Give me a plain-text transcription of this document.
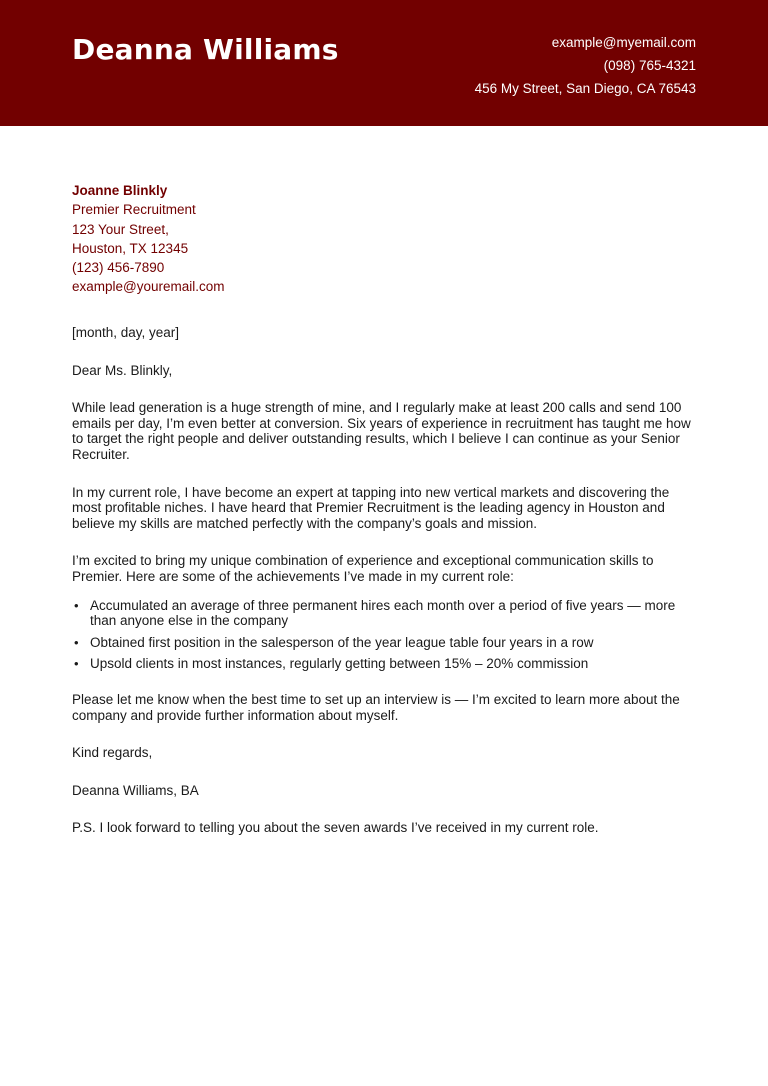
Deanna Williams	example@myemail.com
(098) 765-4321
456 My Street, San Diego, CA 76543
Joanne Blinkly
Premier Recruitment
123 Your Street,
Houston, TX 12345
(123) 456-7890
example@youremail.com

[month, day, year]

Dear Ms. Blinkly,

While lead generation is a huge strength of mine, and I regularly make at least 200 calls and send 100 emails per day, I’m even better at conversion. Six years of experience in recruitment has taught me how to target the right people and deliver outstanding results, which I believe I can continue as your Senior Recruiter.

In my current role, I have become an expert at tapping into new vertical markets and discovering the most profitable niches. I have heard that Premier Recruitment is the leading agency in Houston and believe my skills are matched perfectly with the company’s goals and mission.

I’m excited to bring my unique combination of experience and exceptional communication skills to Premier. Here are some of the achievements I’ve made in my current role:

• Accumulated an average of three permanent hires each month over a period of five years — more than anyone else in the company
• Obtained first position in the salesperson of the year league table four years in a row
• Upsold clients in most instances, regularly getting between 15% – 20% commission

Please let me know when the best time to set up an interview is — I’m excited to learn more about the company and provide further information about myself.

Kind regards,

Deanna Williams, BA

P.S. I look forward to telling you about the seven awards I’ve received in my current role.
